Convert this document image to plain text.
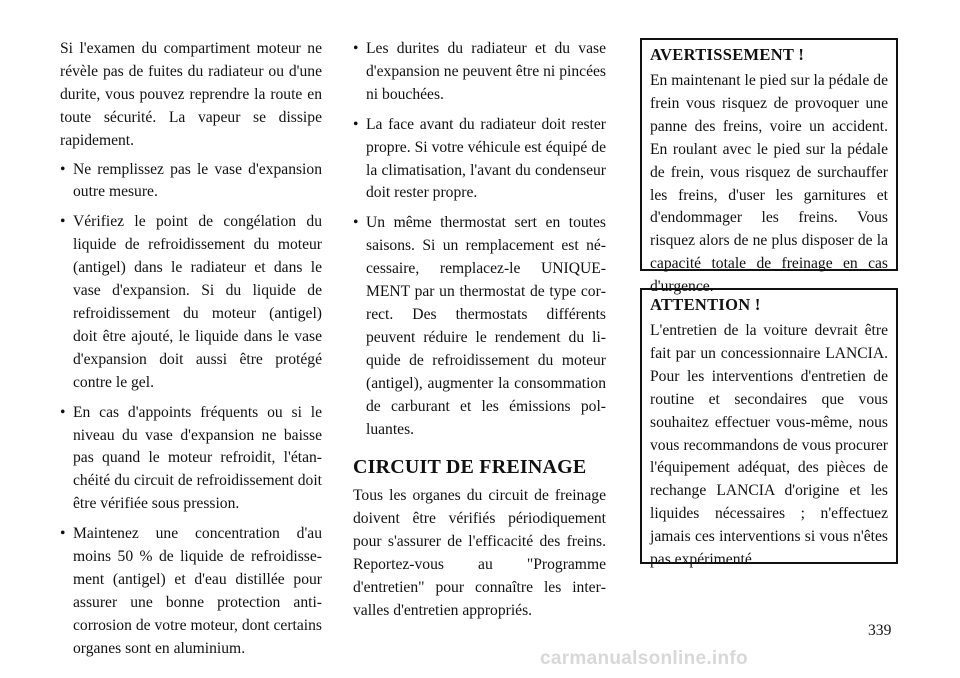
Si l'examen du compartiment moteur ne révèle pas de fuites du radiateur ou d'une durite, vous pouvez reprendre la route en toute sécurité. La vapeur se dissipe rapidement.

• Ne remplissez pas le vase d'expansion outre mesure.
• Vérifiez le point de congélation du liquide de refroidissement du moteur (antigel) dans le radiateur et dans le vase d'expansion. Si du liquide de refroidissement du moteur (antigel) doit être ajouté, le liquide dans le vase d'expansion doit aussi être protégé contre le gel.
• En cas d'appoints fréquents ou si le niveau du vase d'expansion ne baisse pas quand le moteur refroidit, l'étanchéité du circuit de refroidissement doit être vérifiée sous pression.
• Maintenez une concentration d'au moins 50 % de liquide de refroidissement (antigel) et d'eau distillée pour assurer une bonne protection anticorrosion de votre moteur, dont certains organes sont en aluminium.
• Les durites du radiateur et du vase d'expansion ne peuvent être ni pincées ni bouchées.
• La face avant du radiateur doit rester propre. Si votre véhicule est équipé de la climatisation, l'avant du condenseur doit rester propre.
• Un même thermostat sert en toutes saisons. Si un remplacement est nécessaire, remplacez-le UNIQUEMENT par un thermostat de type correct. Des thermostats différents peuvent réduire le rendement du liquide de refroidissement du moteur (antigel), augmenter la consommation de carburant et les émissions polluantes.
CIRCUIT DE FREINAGE

Tous les organes du circuit de freinage doivent être vérifiés périodiquement pour s'assurer de l'efficacité des freins. Reportez-vous au "Programme d'entretien" pour connaître les intervalles d'entretien appropriés.

AVERTISSEMENT !

En maintenant le pied sur la pédale de frein vous risquez de provoquer une panne des freins, voire un accident. En roulant avec le pied sur la pédale de frein, vous risquez de surchauffer les freins, d'user les garnitures et d'endommager les freins. Vous risquez alors de ne plus disposer de la capacité totale de freinage en cas d'urgence.

ATTENTION !

L'entretien de la voiture devrait être fait par un concessionnaire LANCIA. Pour les interventions d'entretien de routine et secondaires que vous souhaitez effectuer vous-même, nous vous recommandons de vous procurer l'équipement adéquat, des pièces de rechange LANCIA d'origine et les liquides nécessaires ; n'effectuez jamais ces interventions si vous n'êtes pas expérimenté.

339
carmanualsonline.info
